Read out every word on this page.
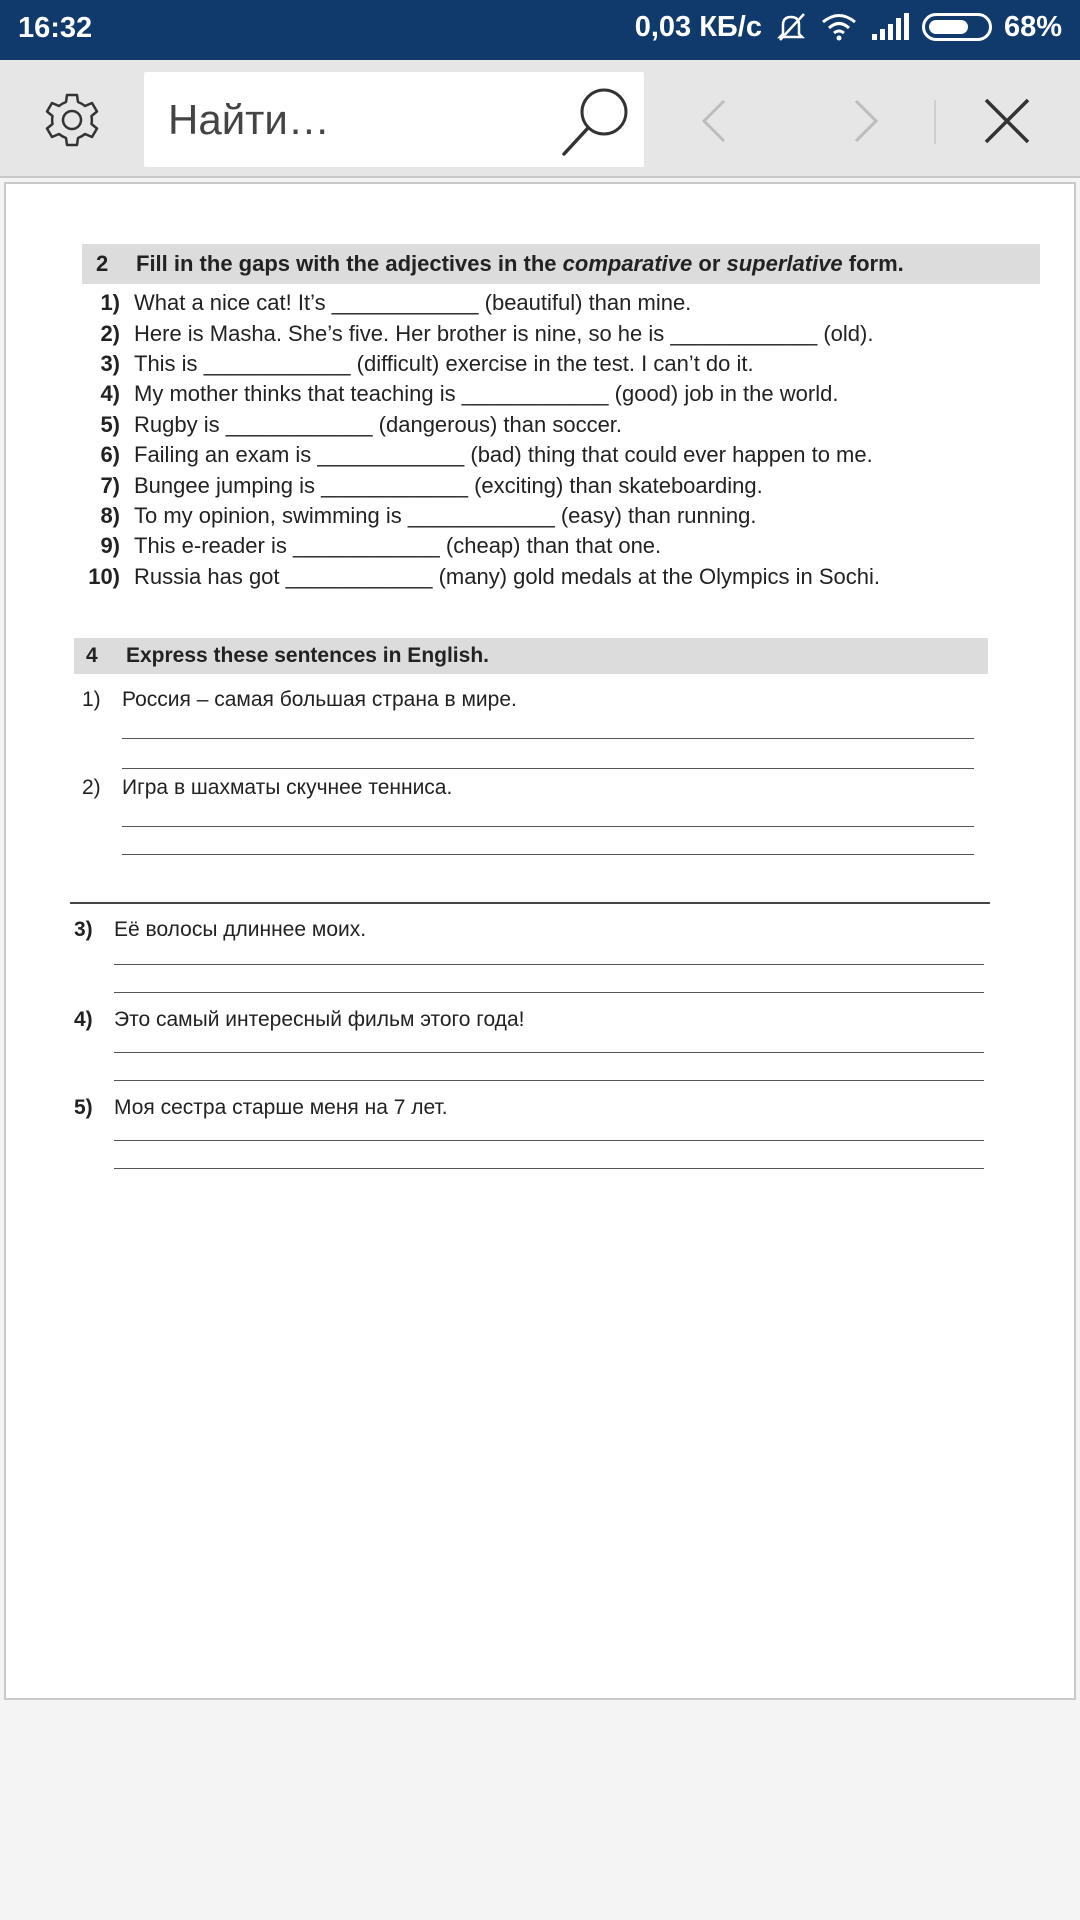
16:32	0,03 КБ/с	68%
Найти…
2	Fill in the gaps with the adjectives in the comparative or superlative form.
1) What a nice cat! It’s ____________ (beautiful) than mine.
2) Here is Masha. She’s five. Her brother is nine, so he is ____________ (old).
3) This is ____________ (difficult) exercise in the test. I can’t do it.
4) My mother thinks that teaching is ____________ (good) job in the world.
5) Rugby is ____________ (dangerous) than soccer.
6) Failing an exam is ____________ (bad) thing that could ever happen to me.
7) Bungee jumping is ____________ (exciting) than skateboarding.
8) To my opinion, swimming is ____________ (easy) than running.
9) This e-reader is ____________ (cheap) than that one.
10) Russia has got ____________ (many) gold medals at the Olympics in Sochi.
4	Express these sentences in English.
1) Россия – самая большая страна в мире.
2) Игра в шахматы скучнее тенниса.
3) Её волосы длиннее моих.
4) Это самый интересный фильм этого года!
5) Моя сестра старше меня на 7 лет.
